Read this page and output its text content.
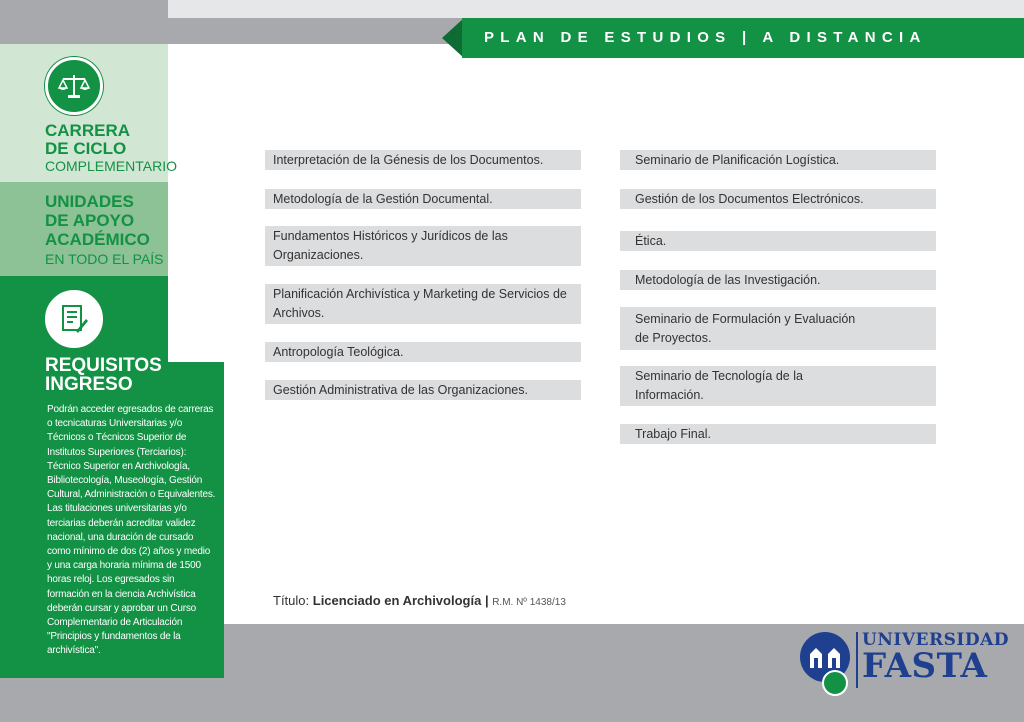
CARRERA
DE CICLO
COMPLEMENTARIO
UNIDADES
DE APOYO
ACADÉMICO
EN TODO EL PAÍS
REQUISITOS
INGRESO
Podrán acceder egresados de carreras o tecnicaturas Universitarias y/o Técnicos o Técnicos Superior de Institutos Superiores (Terciarios): Técnico Superior en Archivología, Bibliotecología, Museología, Gestión Cultural, Administración o Equivalentes. Las titulaciones universitarias y/o terciarias deberán acreditar validez nacional, una duración de cursado como mínimo de dos (2) años y medio y una carga horaria mínima de 1500 horas reloj. Los egresados sin formación en la ciencia Archivística deberán cursar y aprobar un Curso Complementario de Articulación "Principios y fundamentos de la archivística".
PLAN DE ESTUDIOS | A DISTANCIA
Interpretación de la Génesis de los Documentos.
Metodología de la Gestión Documental.
Fundamentos Históricos y Jurídicos de las Organizaciones.
Planificación Archivística y Marketing de Servicios de Archivos.
Antropología Teológica.
Gestión Administrativa de las Organizaciones.
Seminario de Planificación Logística.
Gestión de los Documentos Electrónicos.
Ética.
Metodología de las Investigación.
Seminario de Formulación y Evaluación de Proyectos.
Seminario de Tecnología de la Información.
Trabajo Final.
Título: Licenciado en Archivología | R.M. Nº 1438/13
UNIVERSIDAD
FASTA
